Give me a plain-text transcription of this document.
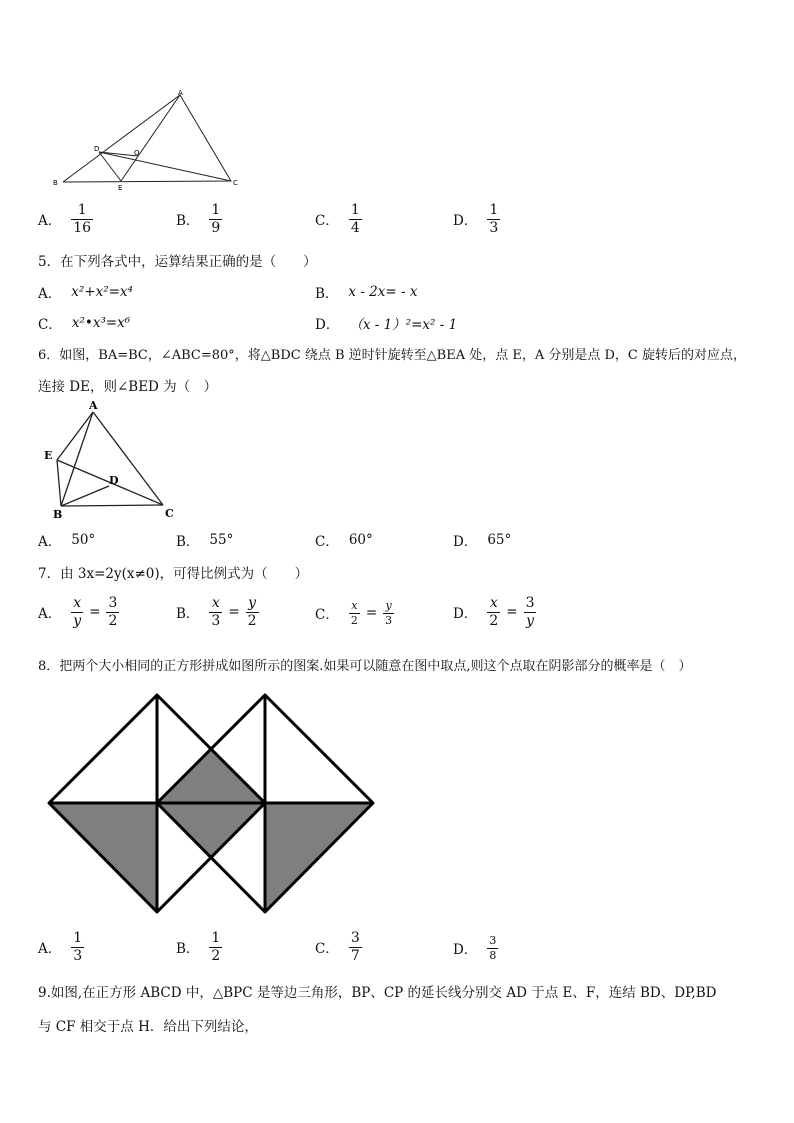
A
B	C
D
E
O
A． $\frac{1}{16}$	B． $\frac{1}{9}$	C． $\frac{1}{4}$	D． $\frac{1}{3}$
5．在下列各式中，运算结果正确的是（　　）
A． x²+x²=x⁴	B． x - 2x= - x
C． x²•x³=x⁶	D． （x - 1）²=x² - 1
6．如图，BA=BC，∠ABC=80°，将△BDC 绕点 B 逆时针旋转至△BEA 处，点 E，A 分别是点 D，C 旋转后的对应点，
连接 DE，则∠BED 为（　）
A
E
D
B	C
A． 50°	B． 55°	C． 60°	D． 65°
7．由 3x=2y(x≠0)，可得比例式为（　　）
A． $\frac{x}{y} = \frac{3}{2}$	B． $\frac{x}{3} = \frac{y}{2}$	C． $\frac{x}{2} = \frac{y}{3}$	D． $\frac{x}{2} = \frac{3}{y}$
8．把两个大小相同的正方形拼成如图所示的图案.如果可以随意在图中取点,则这个点取在阴影部分的概率是（　）
A． $\frac{1}{3}$	B． $\frac{1}{2}$	C． $\frac{3}{7}$	D． $\frac{3}{8}$
9.如图,在正方形 ABCD 中，△BPC 是等边三角形，BP、CP 的延长线分别交 AD 于点 E、F，连结 BD、DP,BD
与 CF 相交于点 H．给出下列结论，
